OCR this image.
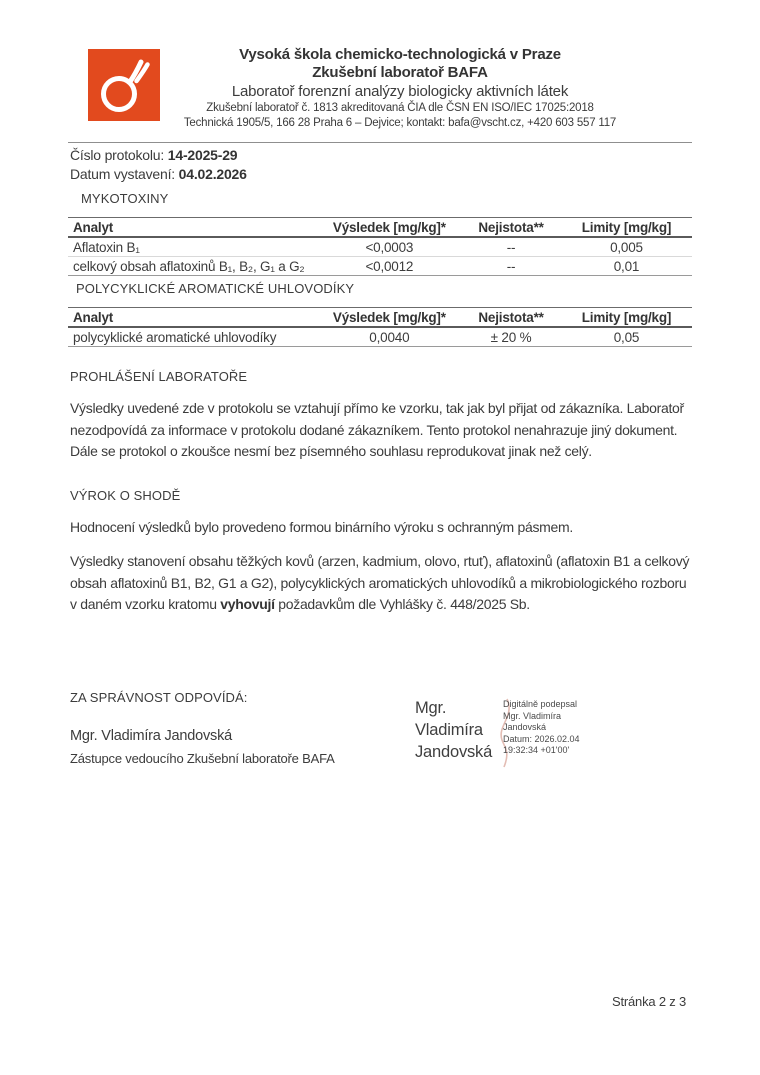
Vysoká škola chemicko-technologická v Praze
Zkušební laboratoř BAFA
Laboratoř forenzní analýzy biologicky aktivních látek
Zkušební laboratoř č. 1813 akreditovaná ČIA dle ČSN EN ISO/IEC 17025:2018
Technická 1905/5, 166 28 Praha 6 – Dejvice; kontakt: bafa@vscht.cz, +420 603 557 117
Číslo protokolu: 14-2025-29
Datum vystavení: 04.02.2026
MYKOTOXINY
Analyt	Výsledek [mg/kg]*	Nejistota**	Limity [mg/kg]
Aflatoxin B₁	<0,0003	--	0,005
celkový obsah aflatoxinů B₁, B₂, G₁ a G₂	<0,0012	--	0,01
POLYCYKLICKÉ AROMATICKÉ UHLOVODÍKY
Analyt	Výsledek [mg/kg]*	Nejistota**	Limity [mg/kg]
polycyklické aromatické uhlovodíky	0,0040	± 20 %	0,05
PROHLÁŠENÍ LABORATOŘE

Výsledky uvedené zde v protokolu se vztahují přímo ke vzorku, tak jak byl přijat od zákazníka. Laboratoř nezodpovídá za informace v protokolu dodané zákazníkem. Tento protokol nenahrazuje jiný dokument. Dále se protokol o zkoušce nesmí bez písemného souhlasu reprodukovat jinak než celý.

VÝROK O SHODĚ

Hodnocení výsledků bylo provedeno formou binárního výroku s ochranným pásmem.

Výsledky stanovení obsahu těžkých kovů (arzen, kadmium, olovo, rtuť), aflatoxinů (aflatoxin B1 a celkový obsah aflatoxinů B1, B2, G1 a G2), polycyklických aromatických uhlovodíků a mikrobiologického rozboru v daném vzorku kratomu vyhovují požadavkům dle Vyhlášky č. 448/2025 Sb.

ZA SPRÁVNOST ODPOVÍDÁ:
Mgr. Vladimíra Jandovská
Zástupce vedoucího Zkušební laboratoře BAFA
Mgr.
Vladimíra
Jandovská
Digitálně podepsal
Mgr. Vladimíra
Jandovská
Datum: 2026.02.04
19:32:34 +01'00'
Stránka 2 z 3
